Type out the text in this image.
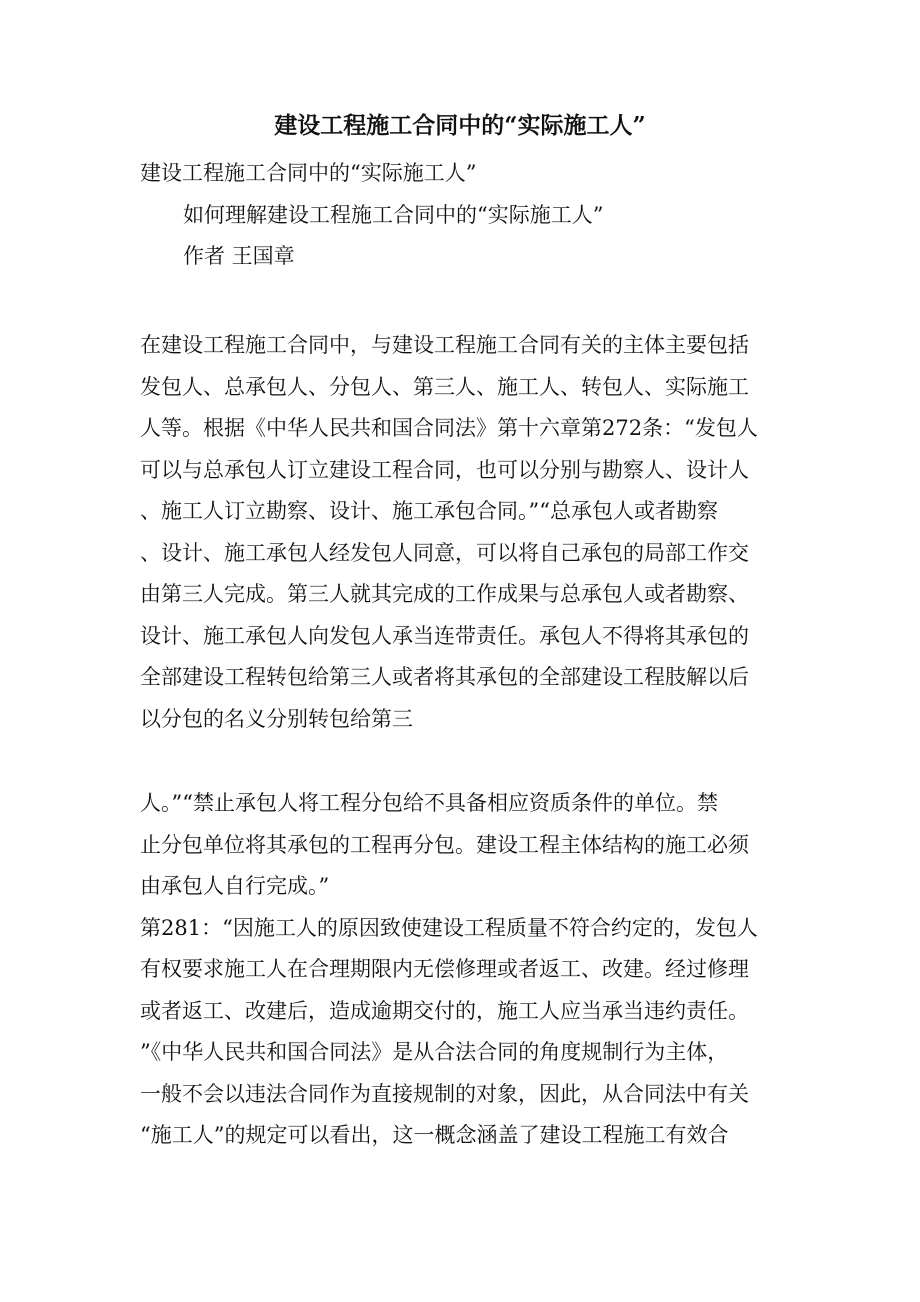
建设工程施工合同中的“实际施工人”

建设工程施工合同中的“实际施工人”

如何理解建设工程施工合同中的“实际施工人”

作者 王国章

在建设工程施工合同中，与建设工程施工合同有关的主体主要包括
发包人、总承包人、分包人、第三人、施工人、转包人、实际施工
人等。根据《中华人民共和国合同法》第十六章第272条：“发包人
可以与总承包人订立建设工程合同，也可以分别与勘察人、设计人
、施工人订立勘察、设计、施工承包合同。”“总承包人或者勘察
、设计、施工承包人经发包人同意，可以将自己承包的局部工作交
由第三人完成。第三人就其完成的工作成果与总承包人或者勘察、
设计、施工承包人向发包人承当连带责任。承包人不得将其承包的
全部建设工程转包给第三人或者将其承包的全部建设工程肢解以后
以分包的名义分别转包给第三
人。”“禁止承包人将工程分包给不具备相应资质条件的单位。禁
止分包单位将其承包的工程再分包。建设工程主体结构的施工必须
由承包人自行完成。”
第281：“因施工人的原因致使建设工程质量不符合约定的，发包人
有权要求施工人在合理期限内无偿修理或者返工、改建。经过修理
或者返工、改建后，造成逾期交付的，施工人应当承当违约责任。
”《中华人民共和国合同法》是从合法合同的角度规制行为主体，
一般不会以违法合同作为直接规制的对象，因此，从合同法中有关
“施工人”的规定可以看出，这一概念涵盖了建设工程施工有效合
